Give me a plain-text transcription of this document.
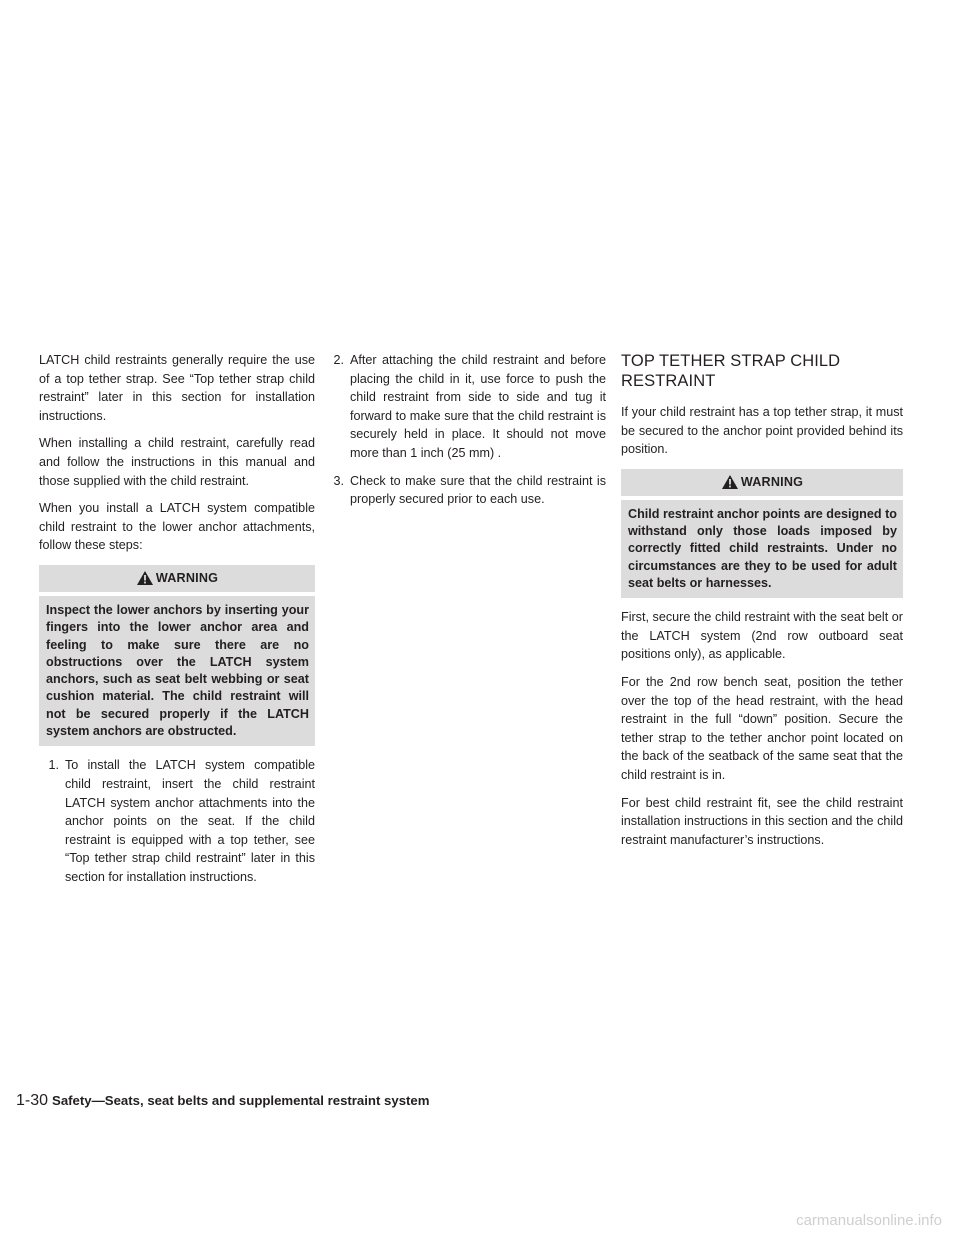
LATCH child restraints generally require the use of a top tether strap. See “Top tether strap child restraint” later in this section for installation instructions.

When installing a child restraint, carefully read and follow the instructions in this manual and those supplied with the child restraint.

When you install a LATCH system compatible child restraint to the lower anchor attachments, follow these steps:

WARNING
Inspect the lower anchors by inserting your fingers into the lower anchor area and feeling to make sure there are no obstructions over the LATCH system anchors, such as seat belt webbing or seat cushion material. The child restraint will not be secured properly if the LATCH system anchors are obstructed.
1. To install the LATCH system compatible child restraint, insert the child restraint LATCH system anchor attachments into the anchor points on the seat. If the child restraint is equipped with a top tether, see “Top tether strap child restraint” later in this section for installation instructions.
2. After attaching the child restraint and before placing the child in it, use force to push the child restraint from side to side and tug it forward to make sure that the child restraint is securely held in place. It should not move more than 1 inch (25 mm) .
3. Check to make sure that the child restraint is properly secured prior to each use.
TOP TETHER STRAP CHILD RESTRAINT

If your child restraint has a top tether strap, it must be secured to the anchor point provided behind its position.

WARNING
Child restraint anchor points are designed to withstand only those loads imposed by correctly fitted child restraints. Under no circumstances are they to be used for adult seat belts or harnesses.

First, secure the child restraint with the seat belt or the LATCH system (2nd row outboard seat positions only), as applicable.

For the 2nd row bench seat, position the tether over the top of the head restraint, with the head restraint in the full “down” position. Secure the tether strap to the tether anchor point located on the back of the seatback of the same seat that the child restraint is in.

For best child restraint fit, see the child restraint installation instructions in this section and the child restraint manufacturer’s instructions.

1-30 Safety—Seats, seat belts and supplemental restraint system
carmanualsonline.info
